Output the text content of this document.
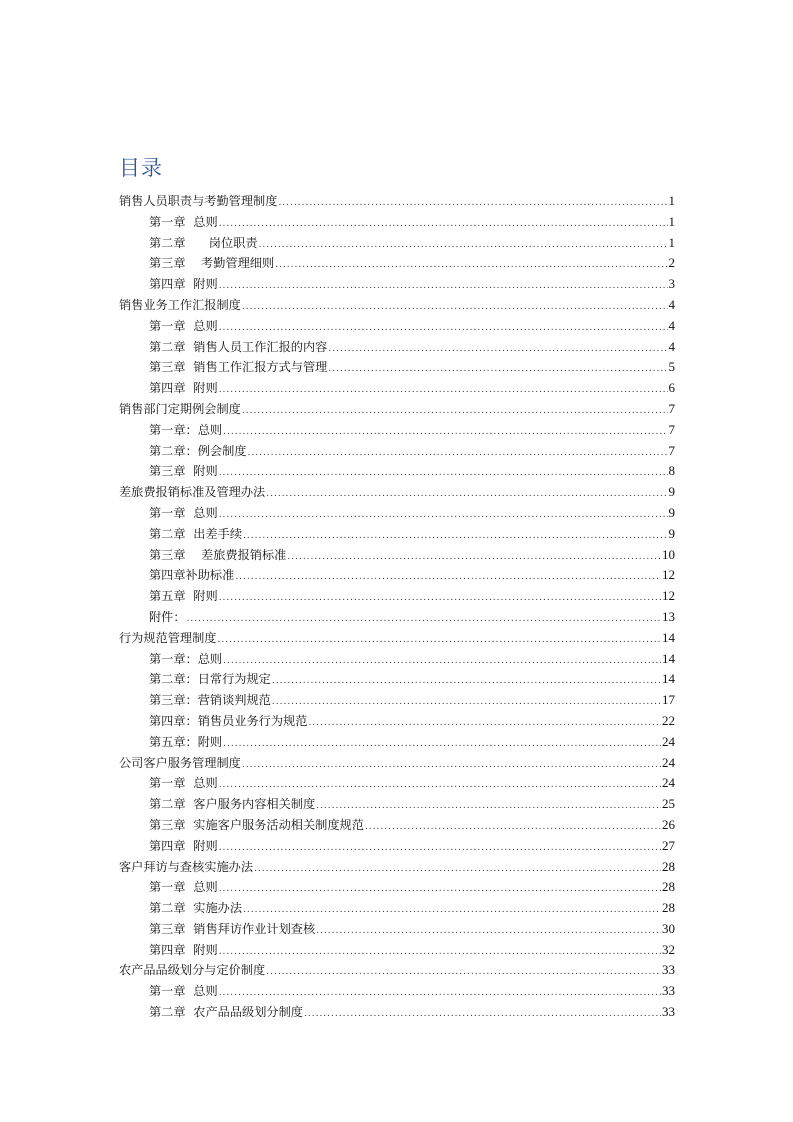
目录
销售人员职责与考勤管理制度 .....	1
第一章  总则 .....	1
第二章      岗位职责 .....	1
第三章    考勤管理细则 .....	2
第四章  附则 .....	3
销售业务工作汇报制度 .....	4
第一章  总则 .....	4
第二章  销售人员工作汇报的内容 .....	4
第三章  销售工作汇报方式与管理 .....	5
第四章  附则 .....	6
销售部门定期例会制度 .....	7
第一章：总则 .....	7
第二章：例会制度 .....	7
第三章  附则 .....	8
差旅费报销标准及管理办法 .....	9
第一章  总则 .....	9
第二章  出差手续 .....	9
第三章    差旅费报销标准 .....	10
第四章补助标准 .....	12
第五章  附则 .....	12
附件： .....	13
行为规范管理制度 .....	14
第一章：总则 .....	14
第二章：日常行为规定 .....	14
第三章：营销谈判规范 .....	17
第四章：销售员业务行为规范 .....	22
第五章：附则 .....	24
公司客户服务管理制度 .....	24
第一章  总则 .....	24
第二章  客户服务内容相关制度 .....	25
第三章  实施客户服务活动相关制度规范 .....	26
第四章  附则 .....	27
客户拜访与查核实施办法 .....	28
第一章  总则 .....	28
第二章  实施办法 .....	28
第三章  销售拜访作业计划查核 .....	30
第四章  附则 .....	32
农产品品级划分与定价制度 .....	33
第一章  总则 .....	33
第二章  农产品品级划分制度 .....	33
